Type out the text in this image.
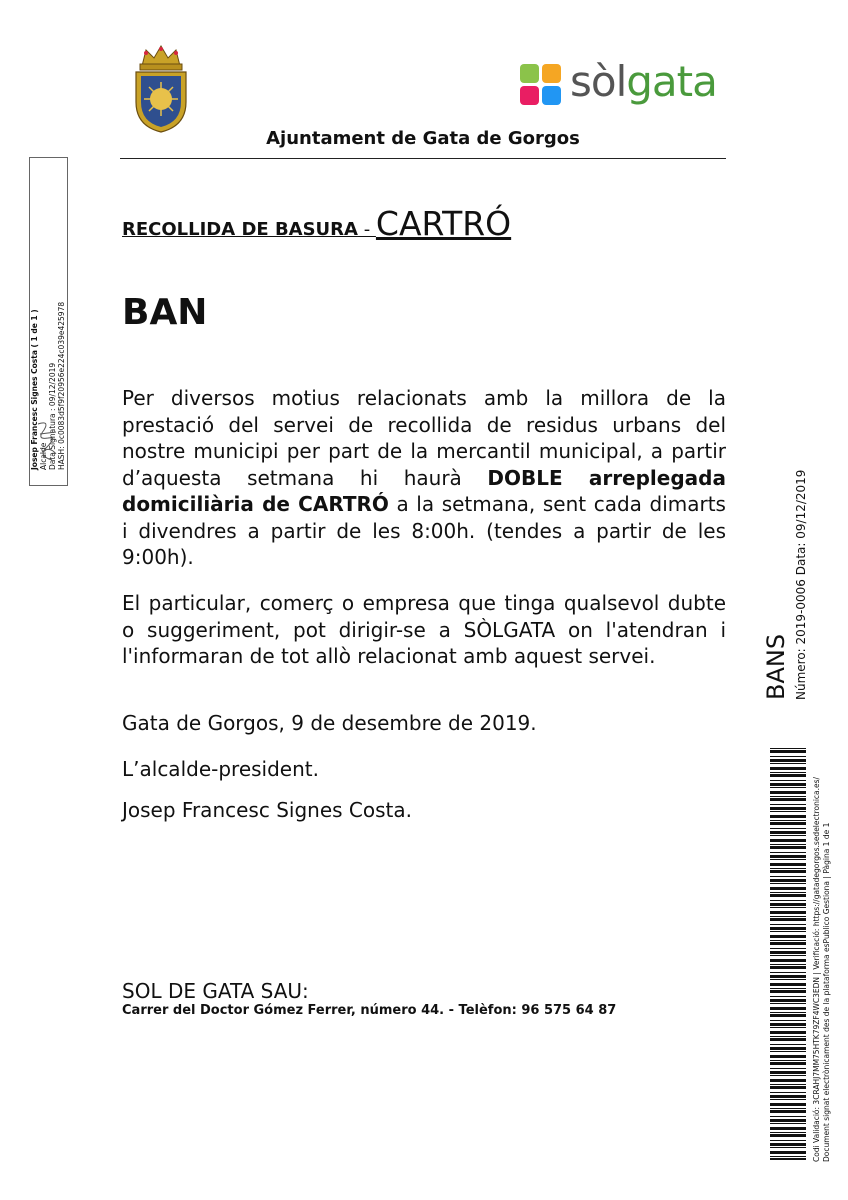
sòlgata
Ajuntament de Gata de Gorgos
RECOLLIDA DE BASURA - CARTRÓ
BAN
Per diversos motius relacionats amb la millora de la prestació del servei de recollida de residus urbans del nostre municipi per part de la mercantil municipal, a partir d’aquesta setmana hi haurà DOBLE arreplegada domiciliària de CARTRÓ a la setmana, sent cada dimarts i divendres a partir de les 8:00h. (tendes a partir de les 9:00h).
El particular, comerç o empresa que tinga qualsevol dubte o suggeriment, pot dirigir-se a SÒLGATA on l'atendran i l'informaran de tot allò relacionat amb aquest servei.
Gata de Gorgos, 9 de desembre de 2019.
L’alcalde-president.
Josep Francesc Signes Costa.
SOL DE GATA SAU:
Carrer del Doctor Gómez Ferrer, número 44. - Telèfon: 96 575 64 87
Josep Francesc Signes Costa ( 1 de 1 ) Alcalde Data Signatura : 09/12/2019 HASH: 0c0083d5f9f20956e224c039e425978
BANS Número: 2019-0006 Data: 09/12/2019
Codi Validació: 3CRAHJ7MM75HTK79ZF4WC3EDN | Verificació: https://gatadegorgos.sedelectronica.es/ Document signat electrònicament des de la plataforma esPublico Gestiona | Pàgina 1 de 1
